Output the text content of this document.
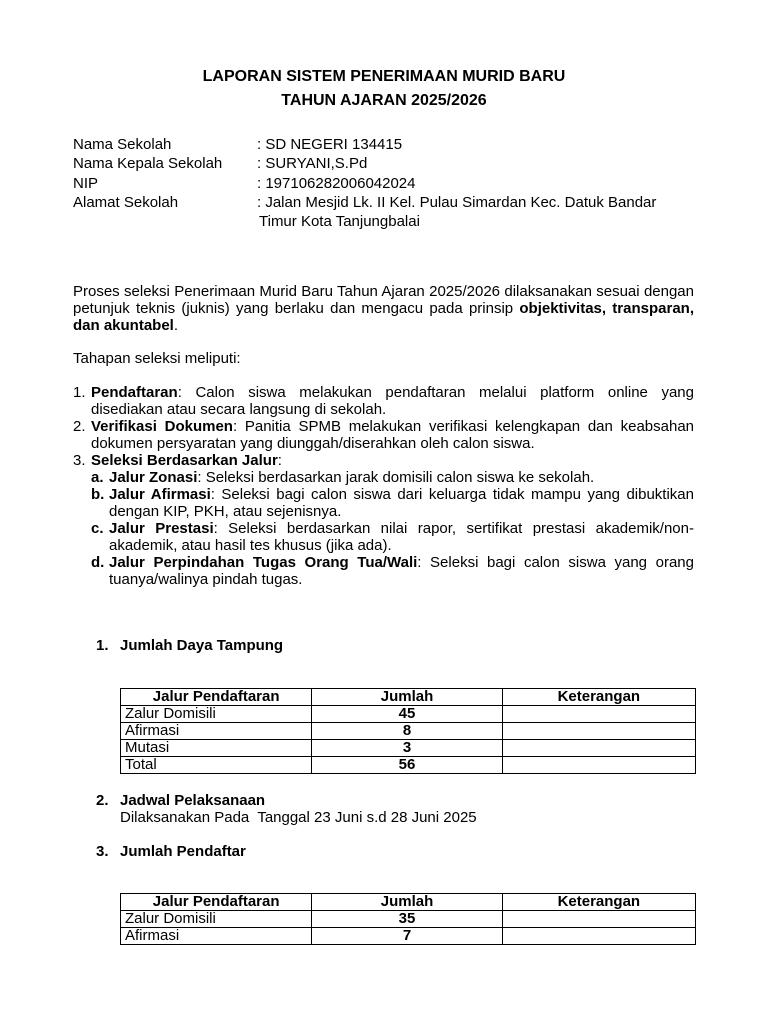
LAPORAN SISTEM PENERIMAAN MURID BARU
TAHUN AJARAN 2025/2026
Nama Sekolah	: SD NEGERI 134415
Nama Kepala Sekolah : SURYANI,S.Pd
NIP	: 197106282006042024
Alamat Sekolah	: Jalan Mesjid Lk. II Kel. Pulau Simardan Kec. Datuk Bandar
Timur Kota Tanjungbalai
Proses seleksi Penerimaan Murid Baru Tahun Ajaran 2025/2026 dilaksanakan sesuai dengan petunjuk teknis (juknis) yang berlaku dan mengacu pada prinsip objektivitas, transparan, dan akuntabel.
Tahapan seleksi meliputi:
1. Pendaftaran: Calon siswa melakukan pendaftaran melalui platform online yang disediakan atau secara langsung di sekolah.
2. Verifikasi Dokumen: Panitia SPMB melakukan verifikasi kelengkapan dan keabsahan dokumen persyaratan yang diunggah/diserahkan oleh calon siswa.
3. Seleksi Berdasarkan Jalur:
a. Jalur Zonasi: Seleksi berdasarkan jarak domisili calon siswa ke sekolah.
b. Jalur Afirmasi: Seleksi bagi calon siswa dari keluarga tidak mampu yang dibuktikan dengan KIP, PKH, atau sejenisnya.
c. Jalur Prestasi: Seleksi berdasarkan nilai rapor, sertifikat prestasi akademik/non-akademik, atau hasil tes khusus (jika ada).
d. Jalur Perpindahan Tugas Orang Tua/Wali: Seleksi bagi calon siswa yang orang tuanya/walinya pindah tugas.
1. Jumlah Daya Tampung
Jalur Pendaftaran	Jumlah	Keterangan
Zalur Domisili	45	
Afirmasi	8	
Mutasi	3	
Total	56	
2. Jadwal Pelaksanaan
Dilaksanakan Pada  Tanggal 23 Juni s.d 28 Juni 2025
3. Jumlah Pendaftar
Jalur Pendaftaran	Jumlah	Keterangan
Zalur Domisili	35	
Afirmasi	7	
